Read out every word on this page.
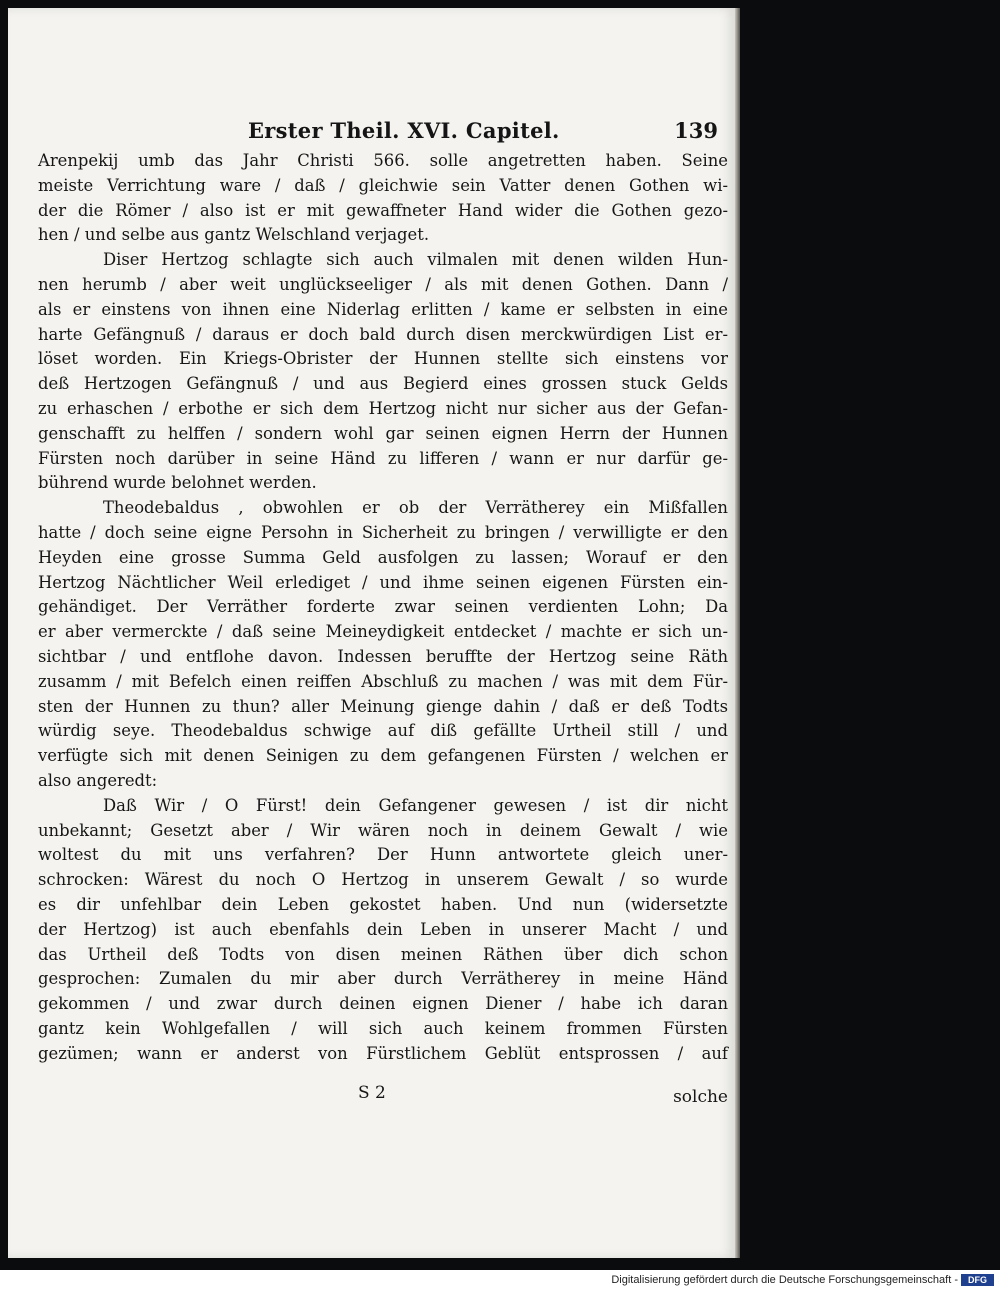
Erster Theil. XVI. Capitel.	139
Arenpekij umb das Jahr Christi 566. solle angetretten haben. Seine
meiste Verrichtung ware / daß / gleichwie sein Vatter denen Gothen wi-
der die Römer / also ist er mit gewaffneter Hand wider die Gothen gezo-
hen / und selbe aus gantz Welschland verjaget.
Diser Hertzog schlagte sich auch vilmalen mit denen wilden Hun-
nen herumb / aber weit unglückseeliger / als mit denen Gothen. Dann /
als er einstens von ihnen eine Niderlag erlitten / kame er selbsten in eine
harte Gefängnuß / daraus er doch bald durch disen merckwürdigen List er-
löset worden. Ein Kriegs-Obrister der Hunnen stellte sich einstens vor
deß Hertzogen Gefängnuß / und aus Begierd eines grossen stuck Gelds
zu erhaschen / erbothe er sich dem Hertzog nicht nur sicher aus der Gefan-
genschafft zu helffen / sondern wohl gar seinen eignen Herrn der Hunnen
Fürsten noch darüber in seine Händ zu lifferen / wann er nur darfür ge-
bührend wurde belohnet werden.
Theodebaldus , obwohlen er ob der Verrätherey ein Mißfallen
hatte / doch seine eigne Persohn in Sicherheit zu bringen / verwilligte er den
Heyden eine grosse Summa Geld ausfolgen zu lassen; Worauf er den
Hertzog Nächtlicher Weil erlediget / und ihme seinen eigenen Fürsten ein-
gehändiget. Der Verräther forderte zwar seinen verdienten Lohn; Da
er aber vermerckte / daß seine Meineydigkeit entdecket / machte er sich un-
sichtbar / und entflohe davon. Indessen beruffte der Hertzog seine Räth
zusamm / mit Befelch einen reiffen Abschluß zu machen / was mit dem Für-
sten der Hunnen zu thun? aller Meinung gienge dahin / daß er deß Todts
würdig seye. Theodebaldus schwige auf diß gefällte Urtheil still / und
verfügte sich mit denen Seinigen zu dem gefangenen Fürsten / welchen er
also angeredt:
Daß Wir / O Fürst! dein Gefangener gewesen / ist dir nicht
unbekannt; Gesetzt aber / Wir wären noch in deinem Gewalt / wie
woltest du mit uns verfahren? Der Hunn antwortete gleich uner-
schrocken: Wärest du noch O Hertzog in unserem Gewalt / so wurde
es dir unfehlbar dein Leben gekostet haben. Und nun (widersetzte
der Hertzog) ist auch ebenfahls dein Leben in unserer Macht / und
das Urtheil deß Todts von disen meinen Räthen über dich schon
gesprochen: Zumalen du mir aber durch Verrätherey in meine Händ
gekommen / und zwar durch deinen eignen Diener / habe ich daran
gantz kein Wohlgefallen / will sich auch keinem frommen Fürsten
gezümen; wann er anderst von Fürstlichem Geblüt entsprossen / auf
S 2	solche
Digitalisierung gefördert durch die Deutsche Forschungsgemeinschaft -	DFG
